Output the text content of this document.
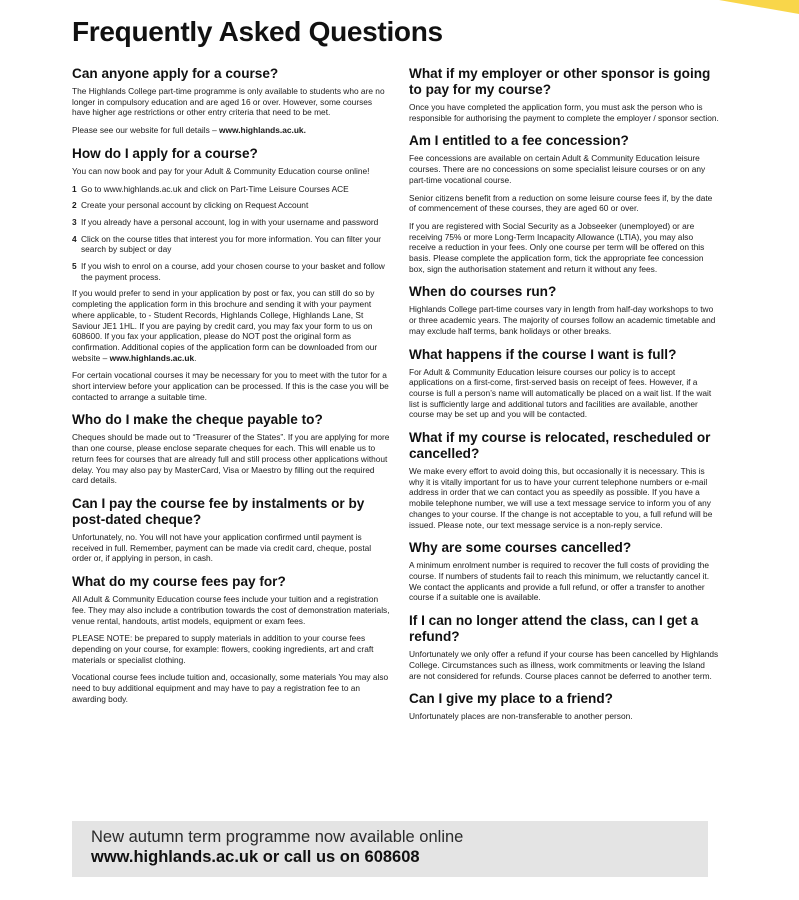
Frequently Asked Questions
Can anyone apply for a course?

The Highlands College part-time programme is only available to students who are no longer in compulsory education and are aged 16 or over. However, some courses have higher age restrictions or other entry criteria that need to be met.

Please see our website for full details – www.highlands.ac.uk.

How do I apply for a course?

You can now book and pay for your Adult & Community Education course online!

1 Go to www.highlands.ac.uk and click on Part-Time Leisure Courses ACE
2 Create your personal account by clicking on Request Account
3 If you already have a personal account, log in with your username and password
4 Click on the course titles that interest you for more information. You can filter your search by subject or day
5 If you wish to enrol on a course, add your chosen course to your basket and follow the payment process.

If you would prefer to send in your application by post or fax, you can still do so by completing the application form in this brochure and sending it with your payment where applicable, to - Student Records, Highlands College, Highlands Lane, St Saviour JE1 1HL. If you are paying by credit card, you may fax your form to us on 608600. If you fax your application, please do NOT post the original form as confirmation. Additional copies of the application form can be downloaded from our website – www.highlands.ac.uk.

For certain vocational courses it may be necessary for you to meet with the tutor for a short interview before your application can be processed. If this is the case you will be contacted to arrange a suitable time.

Who do I make the cheque payable to?

Cheques should be made out to “Treasurer of the States”. If you are applying for more than one course, please enclose separate cheques for each. This will enable us to return fees for courses that are already full and still process other applications without delay. You may also pay by MasterCard, Visa or Maestro by filling out the required card details.

Can I pay the course fee by instalments or by post-dated cheque?

Unfortunately, no. You will not have your application confirmed until payment is received in full. Remember, payment can be made via credit card, cheque, postal order or, if applying in person, in cash.

What do my course fees pay for?

All Adult & Community Education course fees include your tuition and a registration fee. They may also include a contribution towards the cost of demonstration materials, venue rental, handouts, artist models, equipment or exam fees.

PLEASE NOTE: be prepared to supply materials in addition to your course fees depending on your course, for example: flowers, cooking ingredients, art and craft materials or specialist clothing.

Vocational course fees include tuition and, occasionally, some materials You may also need to buy additional equipment and may have to pay a registration fee to an awarding body.

What if my employer or other sponsor is going to pay for my course?

Once you have completed the application form, you must ask the person who is responsible for authorising the payment to complete the employer / sponsor section.

Am I entitled to a fee concession?

Fee concessions are available on certain Adult & Community Education leisure courses. There are no concessions on some specialist leisure courses or on any part-time vocational course.

Senior citizens benefit from a reduction on some leisure course fees if, by the date of commencement of these courses, they are aged 60 or over.

If you are registered with Social Security as a Jobseeker (unemployed) or are receiving 75% or more Long-Term Incapacity Allowance (LTIA), you may also receive a reduction in your fees. Only one course per term will be offered on this basis. Please complete the application form, tick the appropriate fee concession box, sign the authorisation statement and return it without any fees.

When do courses run?

Highlands College part-time courses vary in length from half-day workshops to two or three academic years. The majority of courses follow an academic timetable and may exclude half terms, bank holidays or other breaks.

What happens if the course I want is full?

For Adult & Community Education leisure courses our policy is to accept applications on a first-come, first-served basis on receipt of fees. However, if a course is full a person’s name will automatically be placed on a wait list. If the wait list is sufficiently large and additional tutors and facilities are available, another course may be set up and you will be contacted.

What if my course is relocated, rescheduled or cancelled?

We make every effort to avoid doing this, but occasionally it is necessary. This is why it is vitally important for us to have your current telephone numbers or e-mail address in order that we can contact you as speedily as possible. If you have a mobile telephone number, we will use a text message service to inform you of any changes to your course. If the change is not acceptable to you, a full refund will be issued. Please note, our text message service is a non-reply service.

Why are some courses cancelled?

A minimum enrolment number is required to recover the full costs of providing the course. If numbers of students fail to reach this minimum, we reluctantly cancel it. We contact the applicants and provide a full refund, or offer a transfer to another course if a suitable one is available.

If I can no longer attend the class, can I get a refund?

Unfortunately we only offer a refund if your course has been cancelled by Highlands College. Circumstances such as illness, work commitments or leaving the Island are not considered for refunds. Course places cannot be deferred to another term.

Can I give my place to a friend?

Unfortunately places are non-transferable to another person.

New autumn term programme now available online
www.highlands.ac.uk or call us on 608608
